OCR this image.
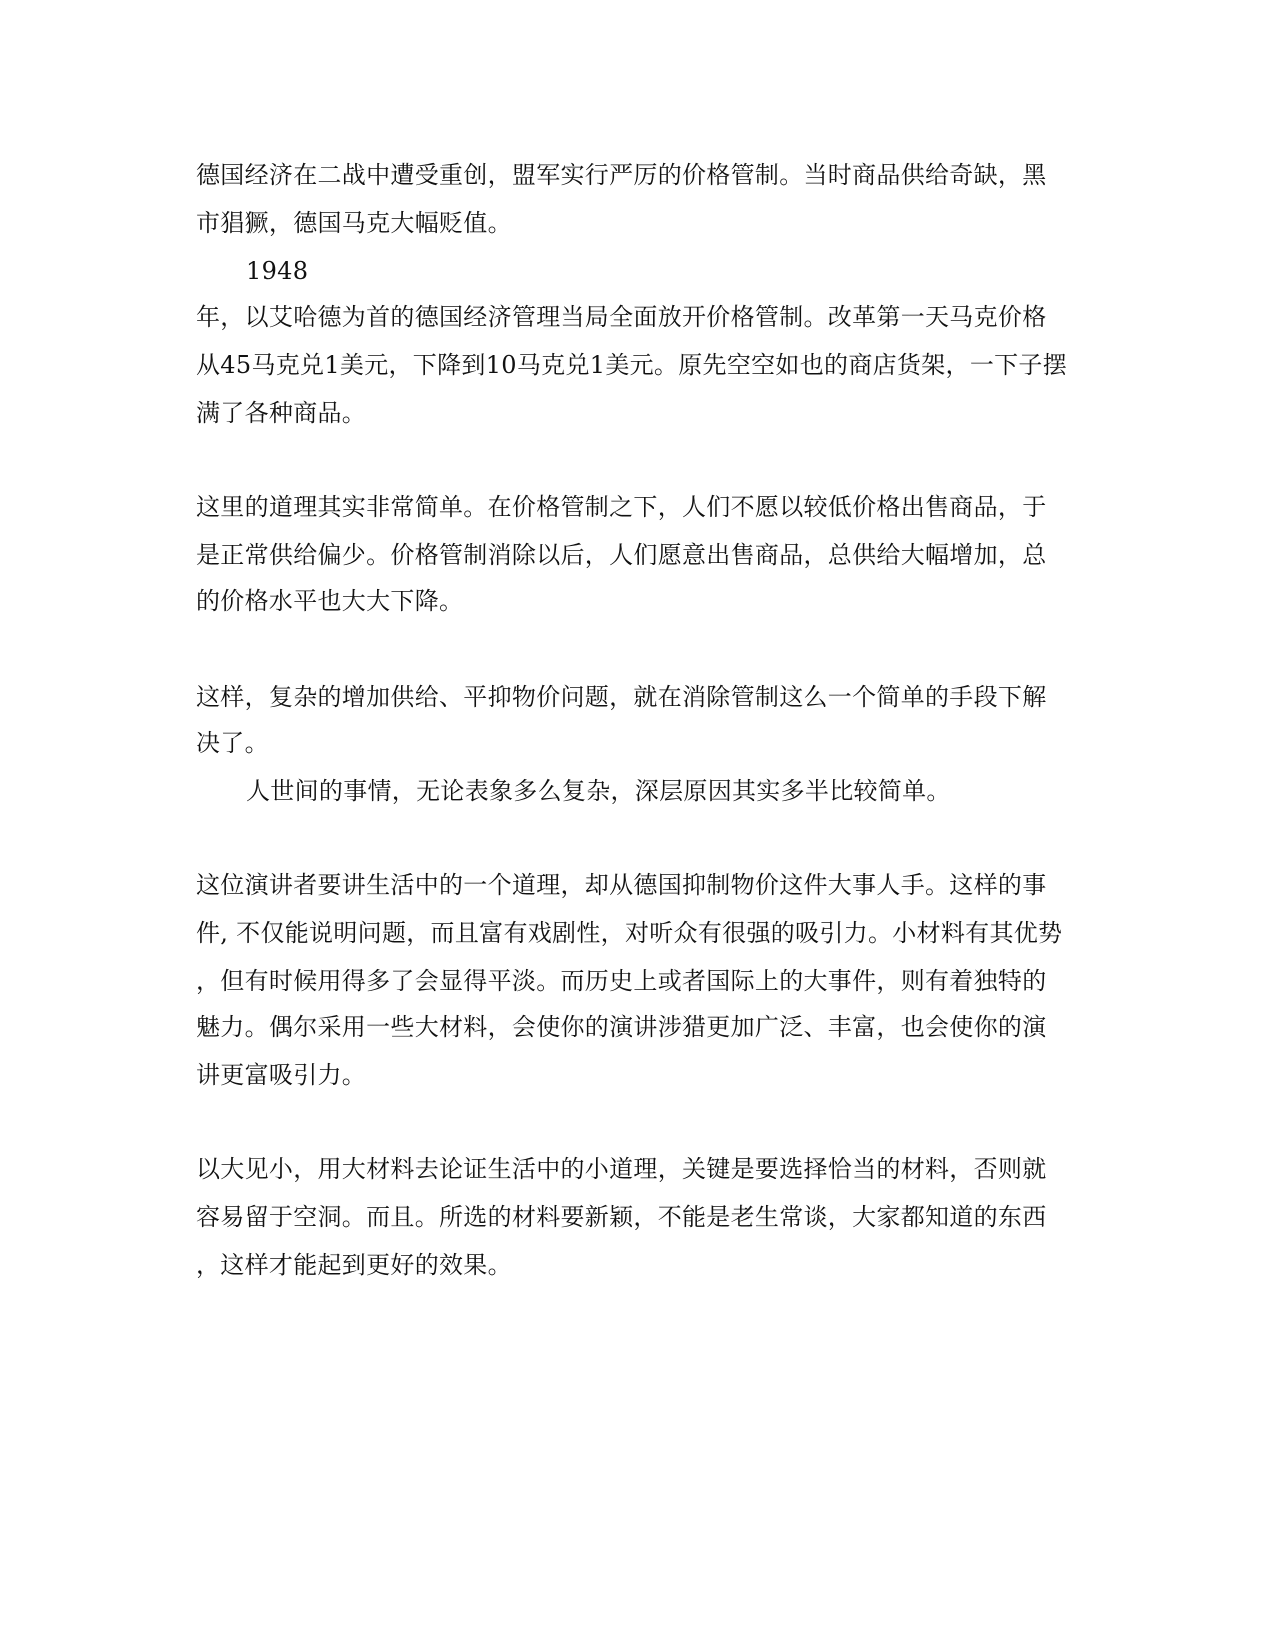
德国经济在二战中遭受重创，盟军实行严厉的价格管制。当时商品供给奇缺，黑
市猖獗，德国马克大幅贬值。
1948
年，以艾哈德为首的德国经济管理当局全面放开价格管制。改革第一天马克价格
从45马克兑1美元，下降到10马克兑1美元。原先空空如也的商店货架，一下子摆
满了各种商品。
这里的道理其实非常简单。在价格管制之下，人们不愿以较低价格出售商品，于
是正常供给偏少。价格管制消除以后，人们愿意出售商品，总供给大幅增加，总
的价格水平也大大下降。
这样，复杂的增加供给、平抑物价问题，就在消除管制这么一个简单的手段下解
决了。
人世间的事情，无论表象多么复杂，深层原因其实多半比较简单。
这位演讲者要讲生活中的一个道理，却从德国抑制物价这件大事人手。这样的事
件, 不仅能说明问题，而且富有戏剧性，对听众有很强的吸引力。小材料有其优势
，但有时候用得多了会显得平淡。而历史上或者国际上的大事件，则有着独特的
魅力。偶尔采用一些大材料，会使你的演讲涉猎更加广泛、丰富，也会使你的演
讲更富吸引力。
以大见小，用大材料去论证生活中的小道理，关键是要选择恰当的材料，否则就
容易留于空洞。而且。所选的材料要新颖，不能是老生常谈，大家都知道的东西
，这样才能起到更好的效果。
